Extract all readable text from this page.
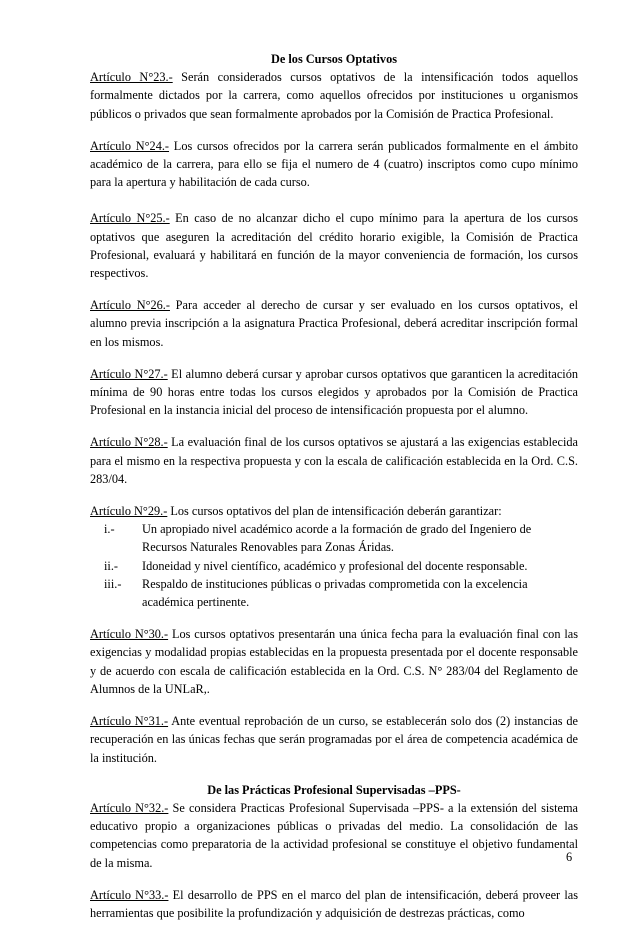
De los Cursos Optativos

Artículo N°23.- Serán considerados cursos optativos de la intensificación todos aquellos formalmente dictados por la carrera, como aquellos ofrecidos por instituciones u organismos públicos o privados que sean formalmente aprobados por la Comisión de Practica Profesional.

Artículo N°24.- Los cursos ofrecidos por la carrera serán publicados formalmente en el ámbito académico de la carrera, para ello se fija el numero de 4 (cuatro) inscriptos como cupo mínimo para la apertura y habilitación de cada curso.

Artículo N°25.- En caso de no alcanzar dicho el cupo mínimo para la apertura de los cursos optativos que aseguren la acreditación del crédito horario exigible, la Comisión de Practica Profesional, evaluará y habilitará en función de la mayor conveniencia de formación, los cursos respectivos.

Artículo N°26.- Para acceder al derecho de cursar y ser evaluado en los cursos optativos, el alumno previa inscripción a la asignatura Practica Profesional, deberá acreditar inscripción formal en los mismos.

Artículo N°27.- El alumno deberá cursar y aprobar cursos optativos que garanticen la acreditación mínima de 90 horas entre todas los cursos elegidos y aprobados por la Comisión de Practica Profesional en la instancia inicial del proceso de intensificación propuesta por el alumno.

Artículo N°28.- La evaluación final de los cursos optativos se ajustará a las exigencias establecida para el mismo en la respectiva propuesta y con la escala de calificación establecida en la Ord. C.S. 283/04.

Artículo N°29.- Los cursos optativos del plan de intensificación deberán garantizar:

i.-	Un apropiado nivel académico acorde a la formación de grado del Ingeniero de Recursos Naturales Renovables para Zonas Áridas.
ii.-	Idoneidad y nivel científico, académico y profesional del docente responsable.
iii.-	Respaldo de instituciones públicas o privadas comprometida con la excelencia académica pertinente.

Artículo N°30.- Los cursos optativos presentarán una única fecha para la evaluación final con las exigencias y modalidad propias establecidas en la propuesta presentada por el docente responsable y de acuerdo con escala de calificación establecida en la Ord. C.S. N° 283/04 del Reglamento de Alumnos de la UNLaR,.

Artículo N°31.- Ante eventual reprobación de un curso, se establecerán solo dos (2) instancias de recuperación en las únicas fechas que serán programadas por el área de competencia académica de la institución.

De las Prácticas Profesional Supervisadas –PPS-

Artículo N°32.- Se considera Practicas Profesional Supervisada –PPS- a la extensión del sistema educativo propio a organizaciones públicas o privadas del medio. La consolidación de las competencias como preparatoria de la actividad profesional se constituye el objetivo fundamental de la misma.

Artículo N°33.- El desarrollo de PPS en el marco del plan de intensificación, deberá proveer las herramientas que posibilite la profundización y adquisición de destrezas prácticas, como

6
